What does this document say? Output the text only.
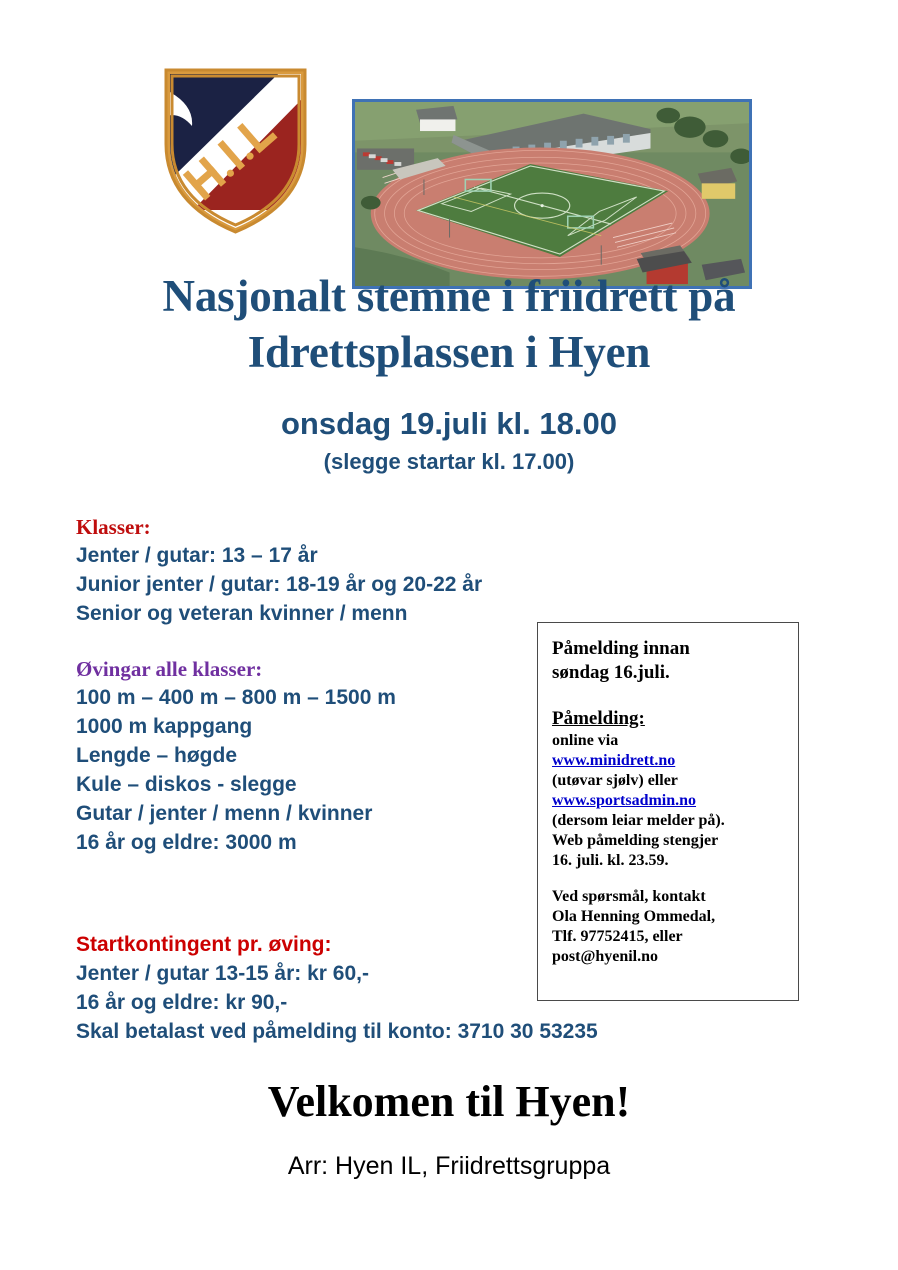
Nasjonalt stemne i friidrett på
Idrettsplassen i Hyen
onsdag 19.juli kl. 18.00
(slegge startar kl. 17.00)
Klasser:
Jenter / gutar: 13 – 17 år
Junior jenter / gutar: 18-19 år og 20-22 år
Senior og veteran kvinner / menn
Øvingar alle klasser:
100 m – 400 m – 800 m – 1500 m
1000 m kappgang
Lengde – høgde
Kule – diskos - slegge
Gutar / jenter / menn / kvinner
16 år og eldre: 3000 m
Startkontingent pr. øving:
Jenter / gutar 13-15 år: kr 60,-
16 år og eldre: kr 90,-
Skal betalast ved påmelding til konto: 3710 30 53235
Påmelding innan
søndag 16.juli.
Påmelding:
online via
www.minidrett.no
(utøvar sjølv) eller
www.sportsadmin.no
(dersom leiar melder på).
Web påmelding stengjer
16. juli. kl. 23.59.
Ved spørsmål, kontakt
Ola Henning Ommedal,
Tlf. 97752415, eller
post@hyenil.no
Velkomen til Hyen!
Arr: Hyen IL, Friidrettsgruppa
